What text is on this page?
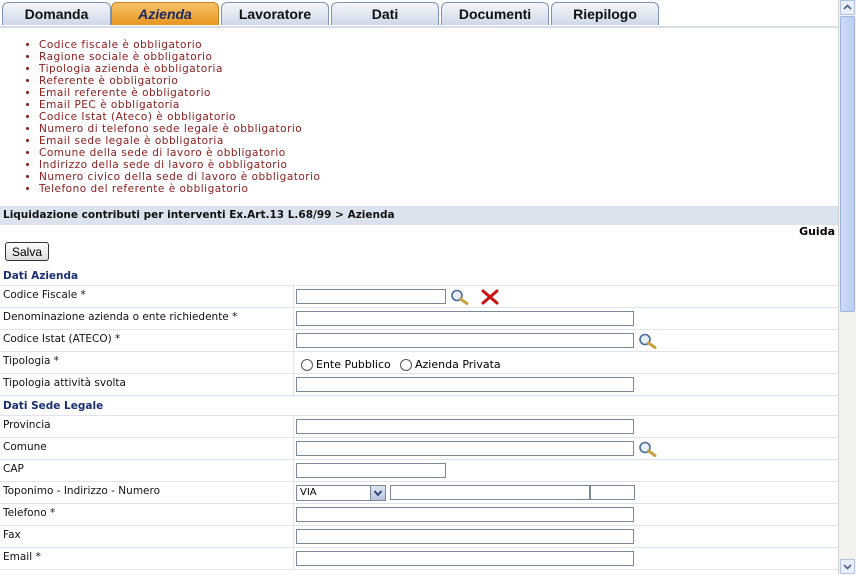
Domanda	Azienda	Lavoratore	Dati	Documenti	Riepilogo
• Codice fiscale è obbligatorio
• Ragione sociale è obbligatorio
• Tipologia azienda è obbligatoria
• Referente è obbligatorio
• Email referente è obbligatorio
• Email PEC è obbligatoria
• Codice Istat (Ateco) è obbligatorio
• Numero di telefono sede legale è obbligatorio
• Email sede legale è obbligatoria
• Comune della sede di lavoro è obbligatorio
• Indirizzo della sede di lavoro è obbligatorio
• Numero civico della sede di lavoro è obbligatorio
• Telefono del referente è obbligatorio
Liquidazione contributi per interventi Ex.Art.13 L.68/99 > Azienda
Guida
Salva
Dati Azienda
Codice Fiscale *
Denominazione azienda o ente richiedente *
Codice Istat (ATECO) *
Tipologia *	Ente Pubblico Azienda Privata
Tipologia attività svolta
Dati Sede Legale
Provincia
Comune
CAP
Toponimo - Indirizzo - Numero	VIA
Telefono *
Fax
Email *
